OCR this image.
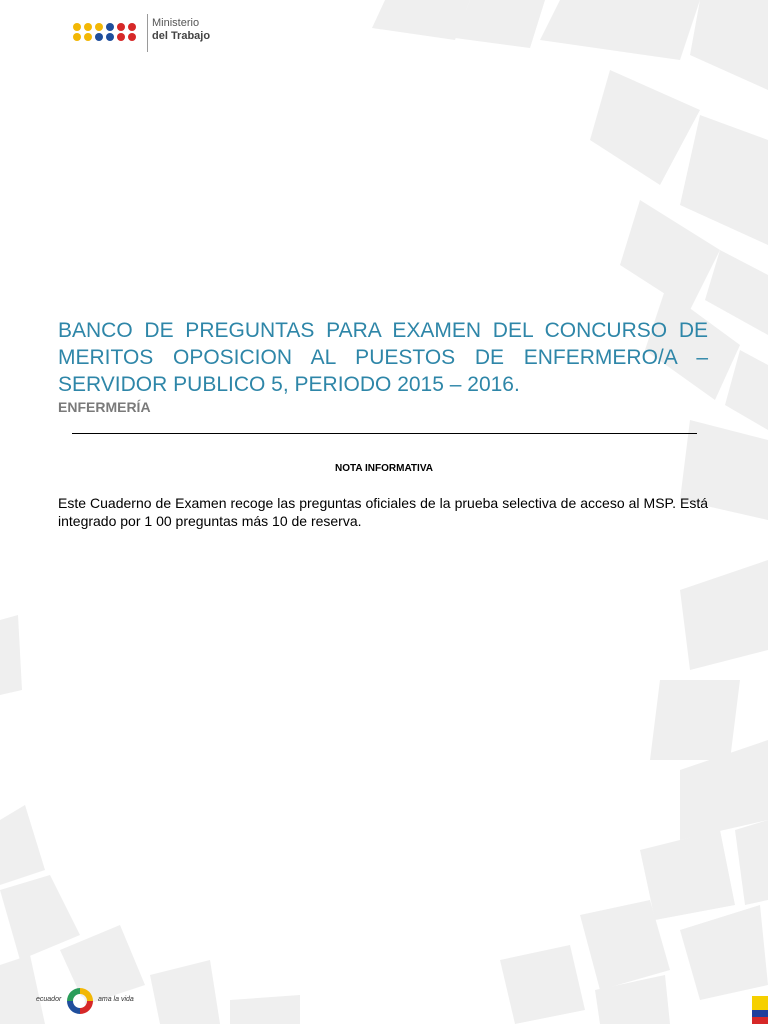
Ministerio
del Trabajo
BANCO DE PREGUNTAS PARA EXAMEN DEL CONCURSO DE MERITOS OPOSICION AL PUESTOS DE ENFERMERO/A – SERVIDOR PUBLICO 5, PERIODO 2015 – 2016.
ENFERMERÍA
NOTA INFORMATIVA
Este Cuaderno de Examen recoge las preguntas oficiales de la prueba selectiva de acceso al MSP. Está integrado por 1 00 preguntas más 10 de reserva.
ecuador	ama la vida
